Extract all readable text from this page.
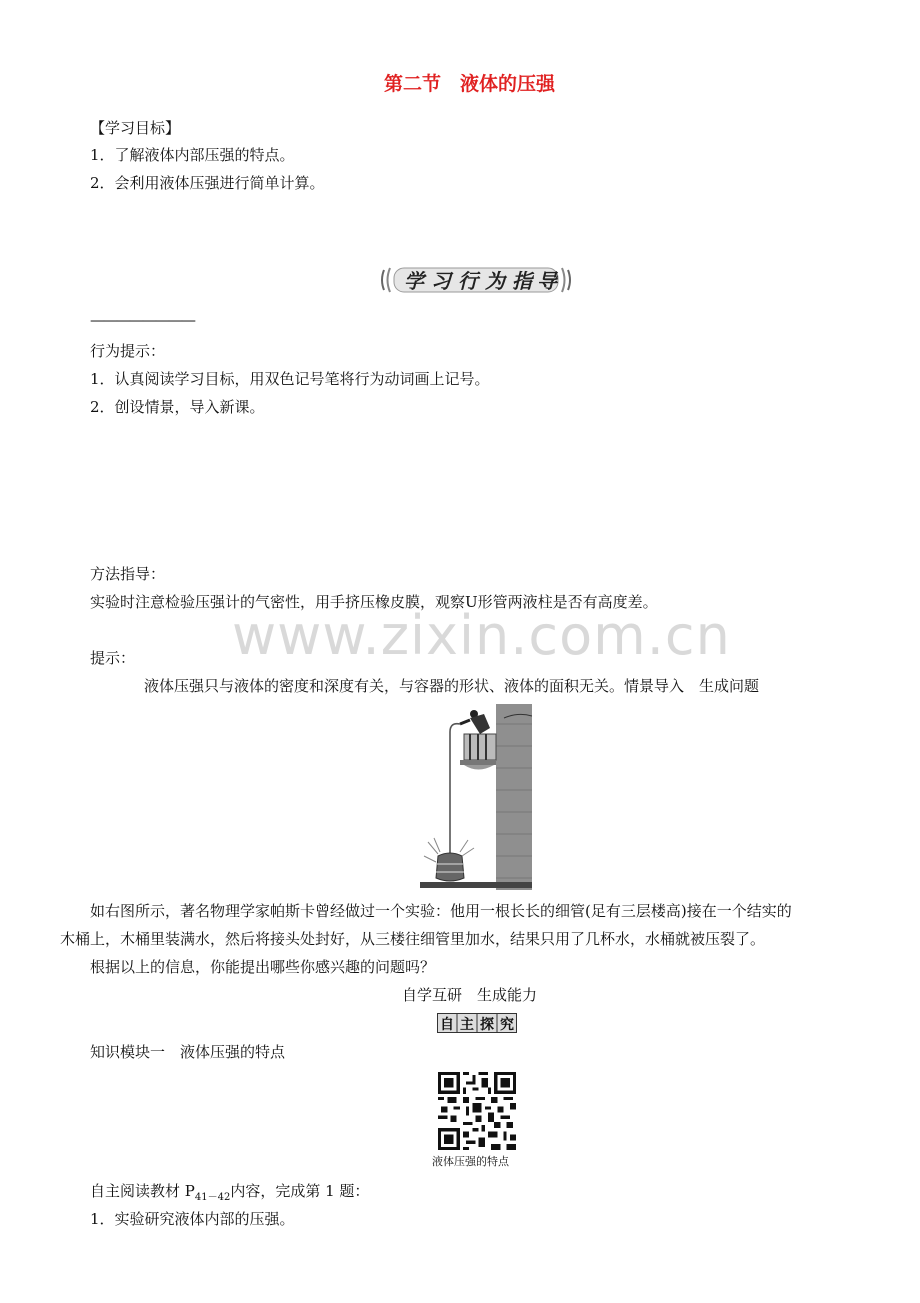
第二节　液体的压强
【学习目标】
1．了解液体内部压强的特点。
2．会利用液体压强进行简单计算。
学 习 行 为 指 导
————————
行为提示：
1．认真阅读学习目标，用双色记号笔将行为动词画上记号。
2．创设情景，导入新课。
方法指导：
实验时注意检验压强计的气密性，用手挤压橡皮膜，观察U形管两液柱是否有高度差。
www.zixin.com.cn
提示：
液体压强只与液体的密度和深度有关，与容器的形状、液体的面积无关。情景导入　生成问题
如右图所示，著名物理学家帕斯卡曾经做过一个实验：他用一根长长的细管(足有三层楼高)接在一个结实的
木桶上，木桶里装满水，然后将接头处封好，从三楼往细管里加水，结果只用了几杯水，水桶就被压裂了。
根据以上的信息，你能提出哪些你感兴趣的问题吗？
自学互研　生成能力
自 主 探 究
知识模块一　液体压强的特点
液体压强的特点
自主阅读教材 $P_{41-42}$内容，完成第 1 题：
1．实验研究液体内部的压强。
